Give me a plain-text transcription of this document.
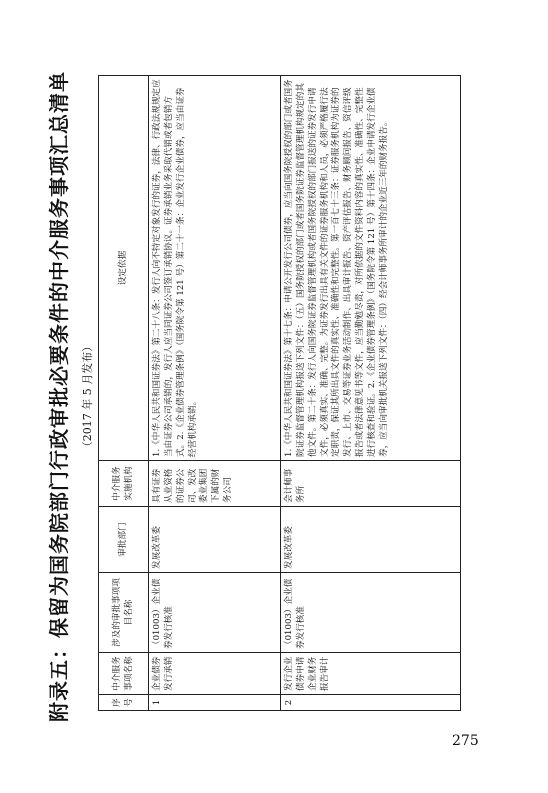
附录五：保留为国务院部门行政审批必要条件的中介服务事项汇总清单 （2017 年 5 月发布）
序号	中介服务事项名称	涉及的审批事项项目名称	审批部门	中介服务实施机构	设定依据
1	企业债券发行承销	（01003）企业债券发行核准	发展改革委	具有证券从业资格的证券公司、发改委业集团下属的财务公司	1.《中华人民共和国证券法》第二十八条：发行人向不特定对象发行的证券，法律、行政法规规定应当由证券公司承销的，发行人应当同证券公司签订承销协议。证券承销业务采取代销或者包销方式。2.《企业债券管理条例》（国务院令第 121 号）第二十一条：企业发行企业债券，应当由证券经营机构承销。
2	发行企业债券申请企业财务报告审计	（01003）企业债券发行核准	发展改革委	会计师事务所	1.《中华人民共和国证券法》第十七条：申请公开发行公司债券，应当向国务院授权的部门或者国务院证券监督管理机构报送下列文件：（五）国务院授权的部门或者国务院证券监督管理机构规定的其他文件。第二十条：发行人向国务院证券监督管理机构或者国务院授权的部门报送的证券发行申请文件，必须真实、准确、完整。为证券发行出具有关文件的证券服务机构和人员，必须严格履行法定职责，保证其所出具文件的真实性、准确性和完整性。第一百七十三条：证券服务机构为证券的发行、上市、交易等证券业务活动制作、出具审计报告、资产评估报告、财务顾问报告、资信评级报告或者法律意见书等文件，应当勤勉尽责，对所依据的文件资料内容的真实性、准确性、完整性进行核查和验证。2.《企业债券管理条例》（国务院令第 121 号）第十四条：企业申请发行企业债券，应当向审批机关报送下列文件：（四）经会计师事务所审计的企业近三年的财务报告。
275
